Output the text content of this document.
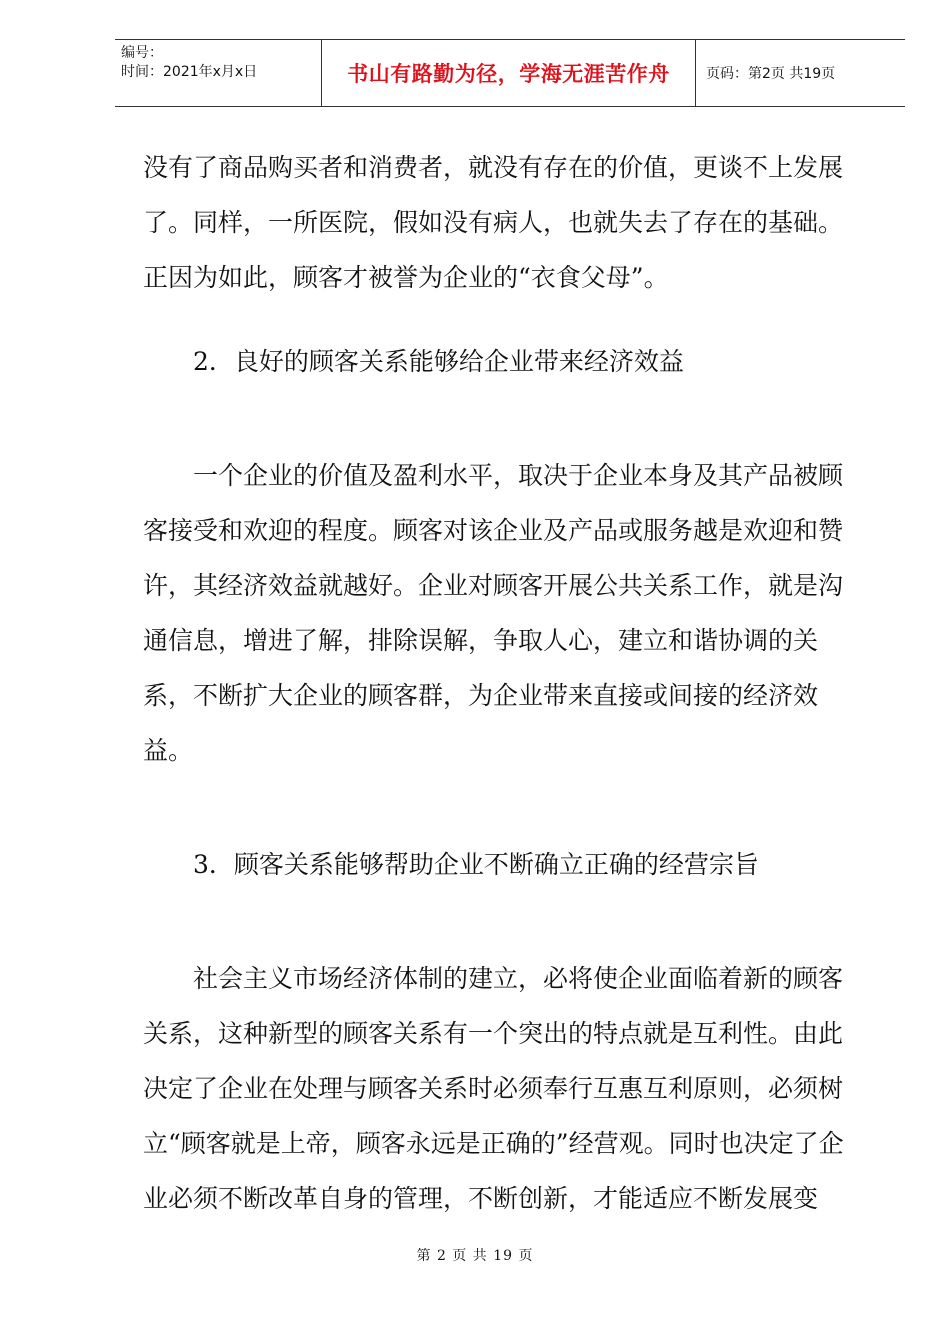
编号：
时间：2021年x月x日	书山有路勤为径，学海无涯苦作舟	页码：第2页 共19页

没有了商品购买者和消费者，就没有存在的价值，更谈不上发展了。同样，一所医院，假如没有病人，也就失去了存在的基础。正因为如此，顾客才被誉为企业的“衣食父母”。

2．良好的顾客关系能够给企业带来经济效益

一个企业的价值及盈利水平，取决于企业本身及其产品被顾客接受和欢迎的程度。顾客对该企业及产品或服务越是欢迎和赞许，其经济效益就越好。企业对顾客开展公共关系工作，就是沟通信息，增进了解，排除误解，争取人心，建立和谐协调的关系，不断扩大企业的顾客群，为企业带来直接或间接的经济效益。

3．顾客关系能够帮助企业不断确立正确的经营宗旨

社会主义市场经济体制的建立，必将使企业面临着新的顾客关系，这种新型的顾客关系有一个突出的特点就是互利性。由此决定了企业在处理与顾客关系时必须奉行互惠互利原则，必须树立“顾客就是上帝，顾客永远是正确的”经营观。同时也决定了企业必须不断改革自身的管理，不断创新，才能适应不断发展变

第 2 页 共 19 页
